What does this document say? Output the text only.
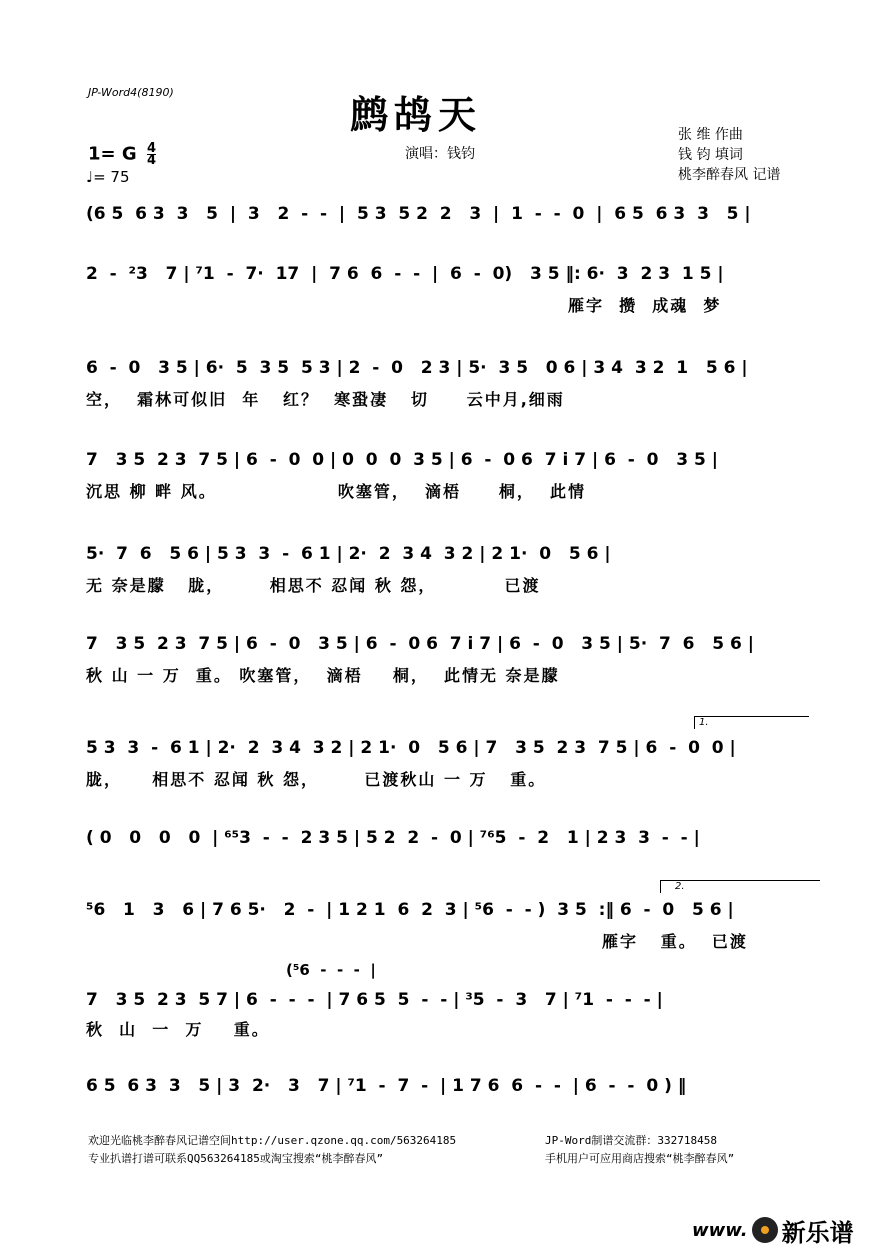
JP-Word4(8190)	鹧鸪天
1= G $\frac{4}{4}$
♩= 75
演唱：钱钧
张 维 作曲
钱 钧 填词
桃李醉春风 记谱
(6 5  6 3  3   5  |  3   2  -  -  |  5 3  5 2  2   3  |  1  -  -  0  |  6 5  6 3  3   5 |
2  -  ²3   7 | ⁷1  -  7·  17  |  7 6  6  -  -  |  6  -  0)   3 5 ‖: 6·  3  2 3  1 5 |
雁字  攒  成魂  梦
6  -  0   3 5 | 6·  5  3 5  5 3 | 2  -  0   2 3 | 5·  3 5   0 6 | 3 4  3 2  1   5 6 |
空，  霜林可似旧  年   红？  寒蛩凄   切     云中月,细雨
7   3 5  2 3  7 5 | 6  -  0  0 | 0  0  0  3 5 | 6  -  0 6  7 i 7 | 6  -  0   3 5 |
沉思 柳 畔 风。                吹塞管，  滴梧     桐，  此情
5·  7  6   5 6 | 5 3  3  -  6 1 | 2·  2  3 4  3 2 | 2 1·  0   5 6 |
无 奈是朦   胧，      相思不 忍闻 秋 怨，         已渡
7   3 5  2 3  7 5 | 6  -  0   3 5 | 6  -  0 6  7 i 7 | 6  -  0   3 5 | 5·  7  6   5 6 |
秋 山 一 万  重。 吹塞管，  滴梧    桐，  此情无 奈是朦
1.
5 3  3  -  6 1 | 2·  2  3 4  3 2 | 2 1·  0   5 6 | 7   3 5  2 3  7 5 | 6  -  0  0 |
胧，    相思不 忍闻 秋 怨，      已渡秋山 一 万   重。
( 0   0   0   0  | ⁶⁵3  -  -  2 3 5 | 5 2  2  -  0 | ⁷⁶5  -  2   1 | 2 3  3  -  - |
2.
⁵6   1   3   6 | 7 6 5·   2  -  | 1 2 1  6  2  3 | ⁵6  -  - )  3 5  :‖ 6  -  0   5 6 |
雁字   重。  已渡
(⁵6  -  -  -  |
7   3 5  2 3  5 7 | 6  -  -  -  | 7 6 5  5  -  - | ³5  -  3   7 | ⁷1  -  -  - |
秋  山  一  万    重。
6 5  6 3  3   5 | 3  2·   3   7 | ⁷1  -  7  -  | 1 7 6  6  -  -  | 6  -  -  0 ) ‖
欢迎光临桃李醉春风记谱空间http://user.qzone.qq.com/563264185	JP-Word制谱交流群：332718458
专业扒谱打谱可联系QQ563264185或淘宝搜索“桃李醉春风”	手机用户可应用商店搜索“桃李醉春风”
www. 新乐谱
